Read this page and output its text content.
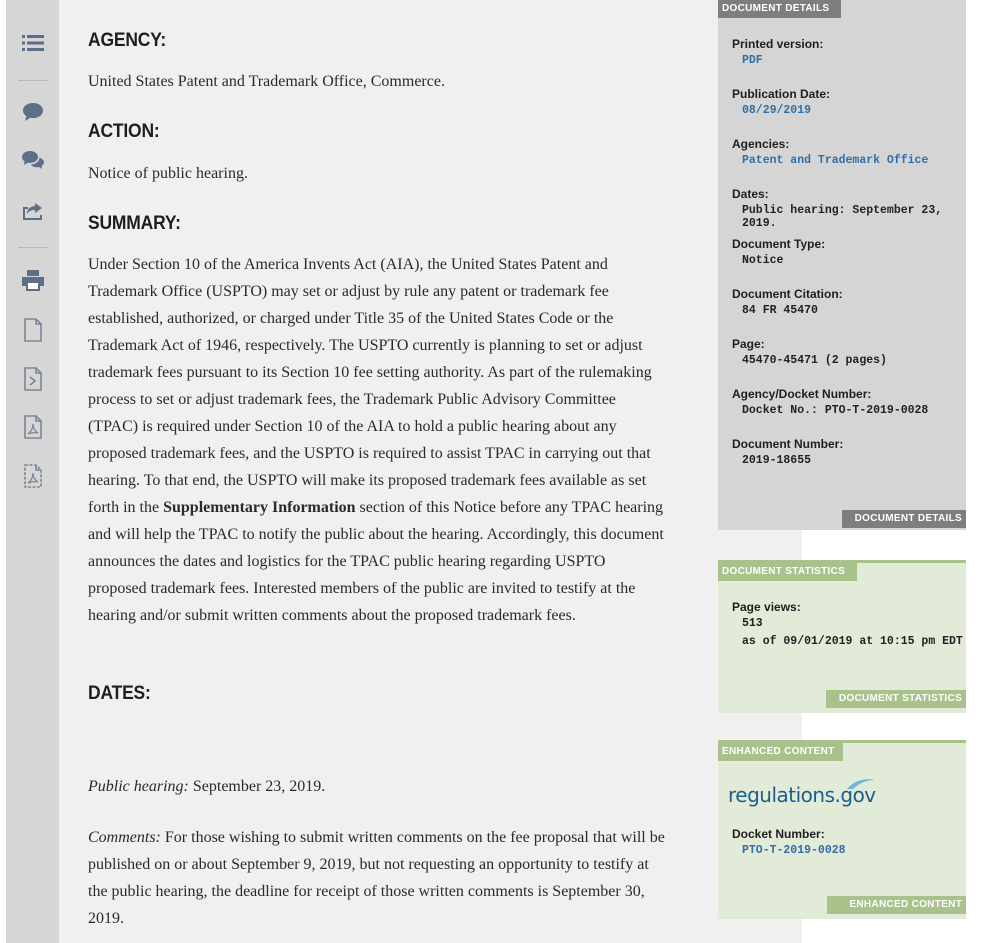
AGENCY:

United States Patent and Trademark Office, Commerce.

ACTION:

Notice of public hearing.

SUMMARY:

Under Section 10 of the America Invents Act (AIA), the United States Patent and Trademark Office (USPTO) may set or adjust by rule any patent or trademark fee established, authorized, or charged under Title 35 of the United States Code or the Trademark Act of 1946, respectively. The USPTO currently is planning to set or adjust trademark fees pursuant to its Section 10 fee setting authority. As part of the rulemaking process to set or adjust trademark fees, the Trademark Public Advisory Committee (TPAC) is required under Section 10 of the AIA to hold a public hearing about any proposed trademark fees, and the USPTO is required to assist TPAC in carrying out that hearing. To that end, the USPTO will make its proposed trademark fees available as set forth in the Supplementary Information section of this Notice before any TPAC hearing and will help the TPAC to notify the public about the hearing. Accordingly, this document announces the dates and logistics for the TPAC public hearing regarding USPTO proposed trademark fees. Interested members of the public are invited to testify at the hearing and/or submit written comments about the proposed trademark fees.

DATES:

Public hearing: September 23, 2019.

Comments: For those wishing to submit written comments on the fee proposal that will be published on or about September 9, 2019, but not requesting an opportunity to testify at the public hearing, the deadline for receipt of those written comments is September 30, 2019.

DOCUMENT DETAILS
Printed version:
PDF
Publication Date:
08/29/2019
Agencies:
Patent and Trademark Office
Dates:
Public hearing: September 23, 2019.
Document Type:
Notice
Document Citation:
84 FR 45470
Page:
45470-45471 (2 pages)
Agency/Docket Number:
Docket No.: PTO-T-2019-0028
Document Number:
2019-18655
DOCUMENT DETAILS
DOCUMENT STATISTICS
Page views:
513
as of 09/01/2019 at 10:15 pm EDT
DOCUMENT STATISTICS
ENHANCED CONTENT
regulations.gov
Docket Number:
PTO-T-2019-0028
ENHANCED CONTENT
